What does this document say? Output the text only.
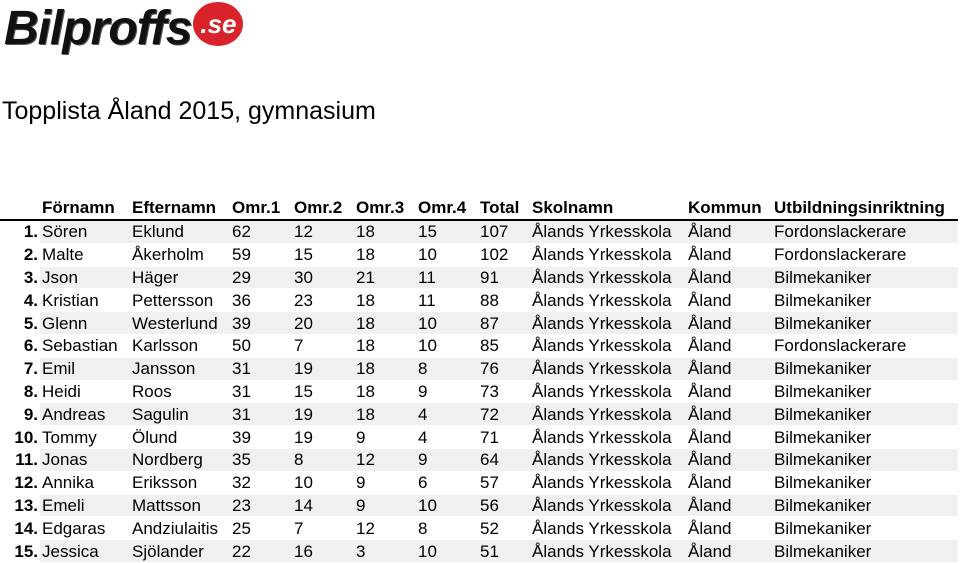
Bilproffs .se
Topplista Åland 2015, gymnasium
	Förnamn	Efternamn	Omr.1	Omr.2	Omr.3	Omr.4	Total	Skolnamn	Kommun	Utbildningsinriktning
1.	Sören	Eklund	62	12	18	15	107	Ålands Yrkesskola	Åland	Fordonslackerare
2.	Malte	Åkerholm	59	15	18	10	102	Ålands Yrkesskola	Åland	Fordonslackerare
3.	Json	Häger	29	30	21	11	91	Ålands Yrkesskola	Åland	Bilmekaniker
4.	Kristian	Pettersson	36	23	18	11	88	Ålands Yrkesskola	Åland	Bilmekaniker
5.	Glenn	Westerlund	39	20	18	10	87	Ålands Yrkesskola	Åland	Bilmekaniker
6.	Sebastian	Karlsson	50	7	18	10	85	Ålands Yrkesskola	Åland	Fordonslackerare
7.	Emil	Jansson	31	19	18	8	76	Ålands Yrkesskola	Åland	Bilmekaniker
8.	Heidi	Roos	31	15	18	9	73	Ålands Yrkesskola	Åland	Bilmekaniker
9.	Andreas	Sagulin	31	19	18	4	72	Ålands Yrkesskola	Åland	Bilmekaniker
10.	Tommy	Ölund	39	19	9	4	71	Ålands Yrkesskola	Åland	Bilmekaniker
11.	Jonas	Nordberg	35	8	12	9	64	Ålands Yrkesskola	Åland	Bilmekaniker
12.	Annika	Eriksson	32	10	9	6	57	Ålands Yrkesskola	Åland	Bilmekaniker
13.	Emeli	Mattsson	23	14	9	10	56	Ålands Yrkesskola	Åland	Bilmekaniker
14.	Edgaras	Andziulaitis	25	7	12	8	52	Ålands Yrkesskola	Åland	Bilmekaniker
15.	Jessica	Sjölander	22	16	3	10	51	Ålands Yrkesskola	Åland	Bilmekaniker
